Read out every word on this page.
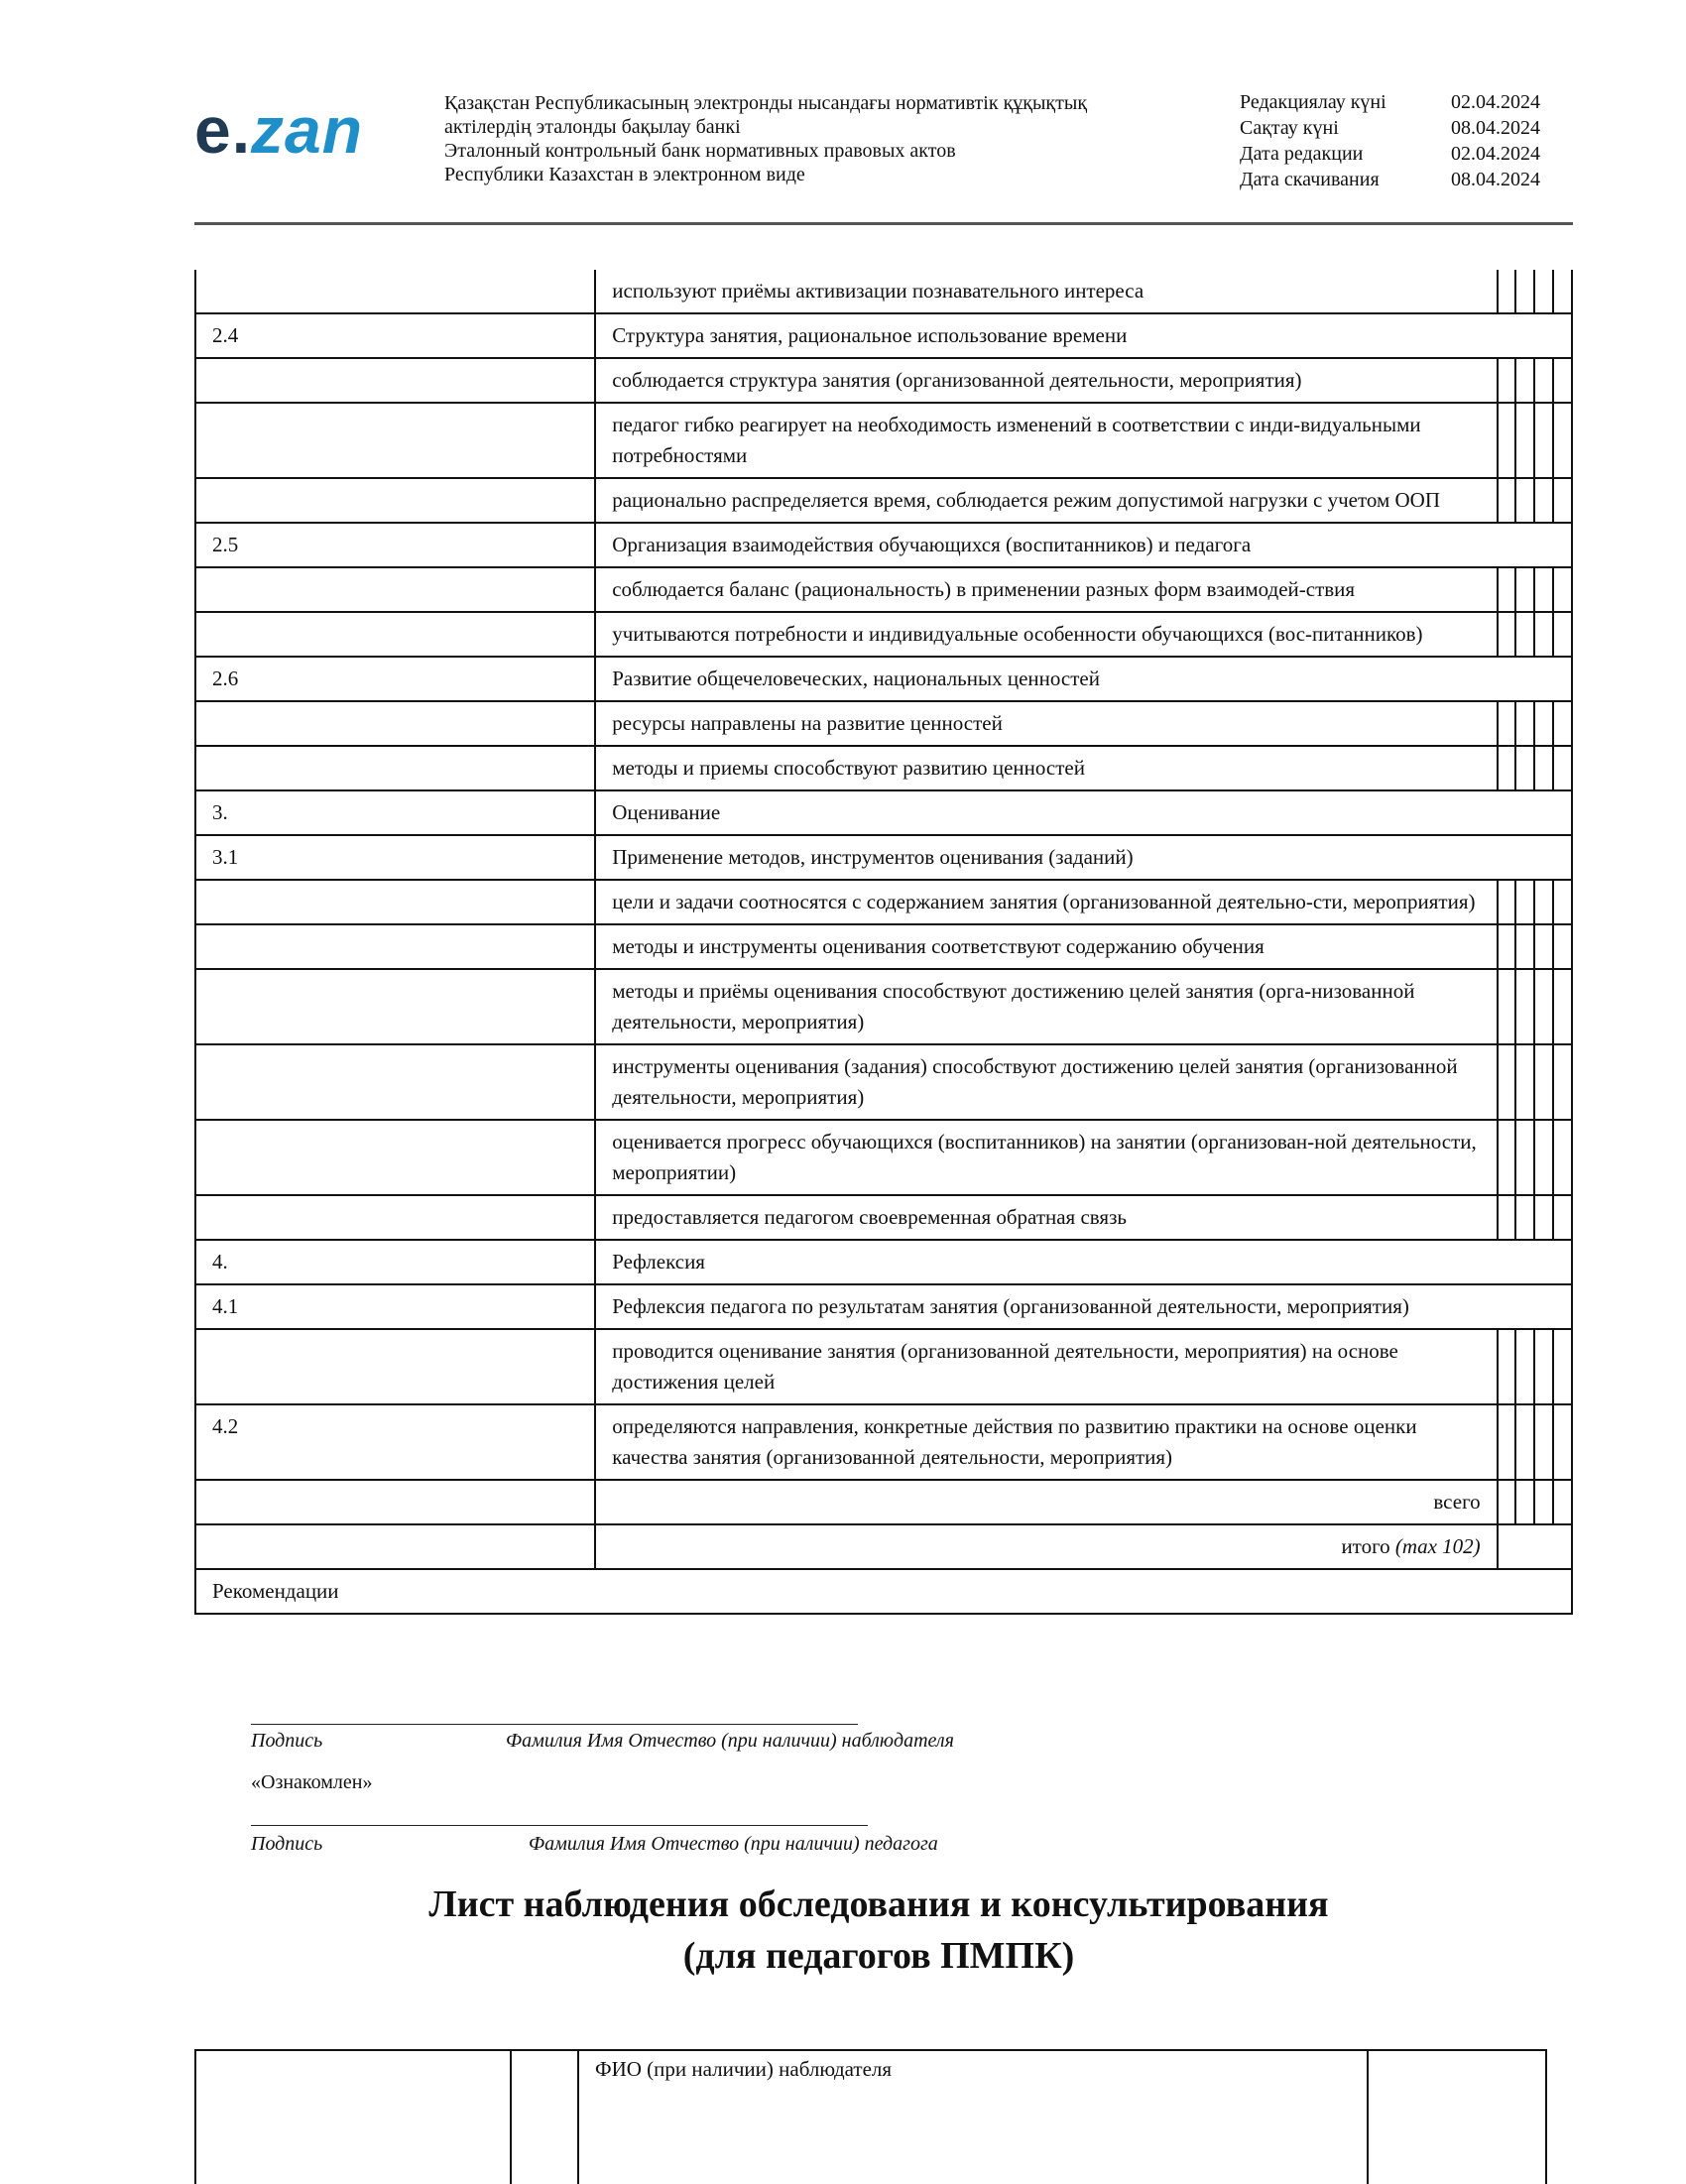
e.zan	Қазақстан Республикасының электронды нысандағы нормативтік құқықтық
актілердің эталонды бақылау банкі
Эталонный контрольный банк нормативных правовых актов
Республики Казахстан в электронном виде
Редакциялау күні	02.04.2024
Сақтау күні	08.04.2024
Дата редакции	02.04.2024
Дата скачивания	08.04.2024
	используют приёмы активизации познавательного интереса				
2.4	Структура занятия, рациональное использование времени				
	соблюдается структура занятия (организованной деятельности, мероприятия)				
	педагог гибко реагирует на необходимость изменений в соответствии с инди-видуальными потребностями				
	рационально распределяется время, соблюдается режим допустимой нагрузки с учетом ООП				
2.5	Организация взаимодействия обучающихся (воспитанников) и педагога				
	соблюдается баланс (рациональность) в применении разных форм взаимодей-ствия				
	учитываются потребности и индивидуальные особенности обучающихся (вос-питанников)				
2.6	Развитие общечеловеческих, национальных ценностей				
	ресурсы направлены на развитие ценностей				
	методы и приемы способствуют развитию ценностей				
3.	Оценивание				
3.1	Применение методов, инструментов оценивания (заданий)				
	цели и задачи соотносятся с содержанием занятия (организованной деятельно-сти, мероприятия)				
	методы и инструменты оценивания соответствуют содержанию обучения				
	методы и приёмы оценивания способствуют достижению целей занятия (орга-низованной деятельности, мероприятия)				
	инструменты оценивания (задания) способствуют достижению целей занятия (организованной деятельности, мероприятия)				
	оценивается прогресс обучающихся (воспитанников) на занятии (организован-ной деятельности, мероприятии)				
	предоставляется педагогом своевременная обратная связь				
4.	Рефлексия				
4.1	Рефлексия педагога по результатам занятия (организованной деятельности, мероприятия)				
	проводится оценивание занятия (организованной деятельности, мероприятия) на основе достижения целей				
4.2	определяются направления, конкретные действия по развитию практики на основе оценки качества занятия (организованной деятельности, мероприятия)				
	всего				
	итого (max 102)				
Рекомендации					
Подпись	Фамилия Имя Отчество (при наличии) наблюдателя
«Ознакомлен»
Подпись	Фамилия Имя Отчество (при наличии) педагога
Лист наблюдения обследования и консультирования
(для педагогов ПМПК)
ФИО (при наличии) наблюдателя
